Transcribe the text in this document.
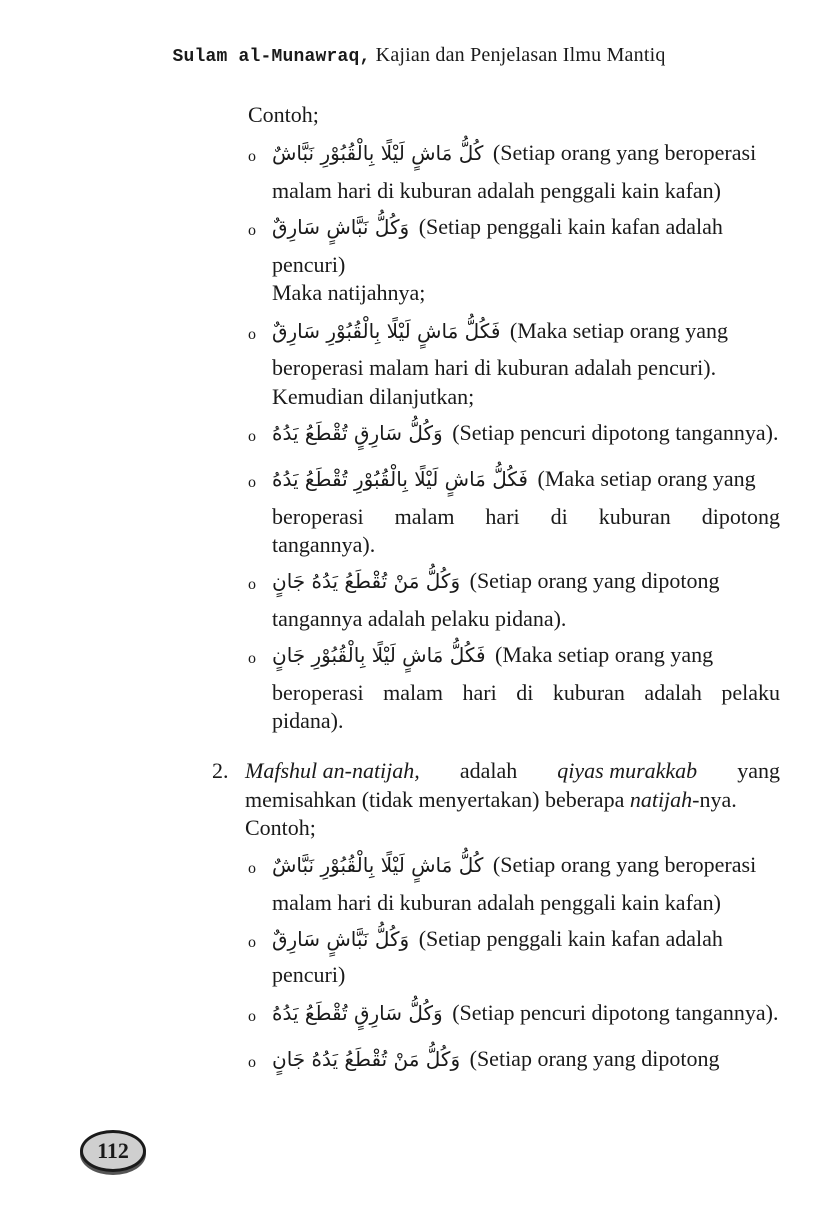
Sulam al-Munawraq, Kajian dan Penjelasan Ilmu Mantiq
Contoh;
o كُلُّ مَاشٍ لَيْلًا بِالْقُبُوْرِ نَبَّاشٌ (Setiap orang yang beroperasi
malam hari di kuburan adalah penggali kain kafan)
o وَكُلُّ نَبَّاشٍ سَارِقٌ (Setiap penggali kain kafan adalah
pencuri)
Maka natijahnya;
o فَكُلُّ مَاشٍ لَيْلًا بِالْقُبُوْرِ سَارِقٌ (Maka setiap orang yang
beroperasi malam hari di kuburan adalah pencuri).
Kemudian dilanjutkan;
o وَكُلُّ سَارِقٍ تُقْطَعُ يَدُهُ (Setiap pencuri dipotong tangannya).
o فَكُلُّ مَاشٍ لَيْلًا بِالْقُبُوْرِ تُقْطَعُ يَدُهُ (Maka setiap orang yang
beroperasi malam hari di kuburan dipotong
tangannya).
o وَكُلُّ مَنْ تُقْطَعُ يَدُهُ جَانٍ (Setiap orang yang dipotong
tangannya adalah pelaku pidana).
o فَكُلُّ مَاشٍ لَيْلًا بِالْقُبُوْرِ جَانٍ (Maka setiap orang yang
beroperasi malam hari di kuburan adalah pelaku
pidana).
2. Mafshul an-natijah, adalah qiyas murakkab yang
memisahkan (tidak menyertakan) beberapa natijah-nya.
Contoh;
o كُلُّ مَاشٍ لَيْلًا بِالْقُبُوْرِ نَبَّاشٌ (Setiap orang yang beroperasi
malam hari di kuburan adalah penggali kain kafan)
o وَكُلُّ نَبَّاشٍ سَارِقٌ (Setiap penggali kain kafan adalah
pencuri)
o وَكُلُّ سَارِقٍ تُقْطَعُ يَدُهُ (Setiap pencuri dipotong tangannya).
o وَكُلُّ مَنْ تُقْطَعُ يَدُهُ جَانٍ (Setiap orang yang dipotong
112
